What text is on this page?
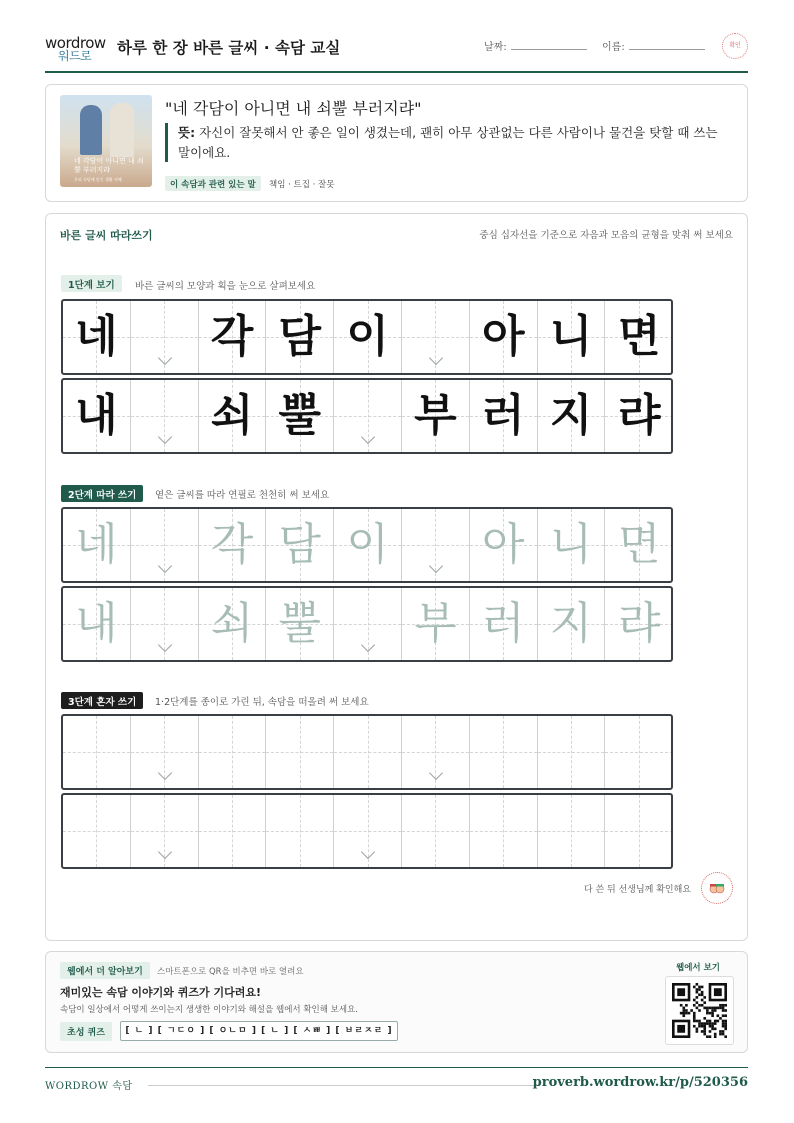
wordrow
워드로 하루 한 장 바른 글씨 · 속담 교실	날짜:	이름:	확인
네 각담이 아니면 내 쇠뿔 부러지랴
우리 속담에 담긴 생활 지혜
"네 각담이 아니면 내 쇠뿔 부러지랴"
뜻: 자신이 잘못해서 안 좋은 일이 생겼는데, 괜히 아무 상관없는 다른 사람이나 물건을 탓할 때 쓰는 말이에요.
이 속담과 관련 있는 말	책임 · 트집 · 잘못
바른 글씨 따라쓰기	중심 십자선을 기준으로 자음과 모음의 균형을 맞춰 써 보세요
1단계 보기	바른 글씨의 모양과 획을 눈으로 살펴보세요
네 각 담 이 아 니 면
내 쇠 뿔 부 러 지 랴
2단계 따라 쓰기	옅은 글씨를 따라 연필로 천천히 써 보세요
네 각 담 이 아 니 면
내 쇠 뿔 부 러 지 랴
3단계 혼자 쓰기	1·2단계를 종이로 가린 뒤, 속담을 떠올려 써 보세요
다 쓴 뒤 선생님께 확인해요
웹에서 더 알아보기	스마트폰으로 QR을 비추면 바로 열려요
재미있는 속담 이야기와 퀴즈가 기다려요!
속담이 일상에서 어떻게 쓰이는지 생생한 이야기와 해설을 웹에서 확인해 보세요.
초성 퀴즈	[ ㄴ ] [ ㄱㄷㅇ ] [ ㅇㄴㅁ ] [ ㄴ ] [ ㅅㅃ ] [ ㅂㄹㅈㄹ ]
웹에서 보기
WORDROW 속담	proverb.wordrow.kr/p/520356
